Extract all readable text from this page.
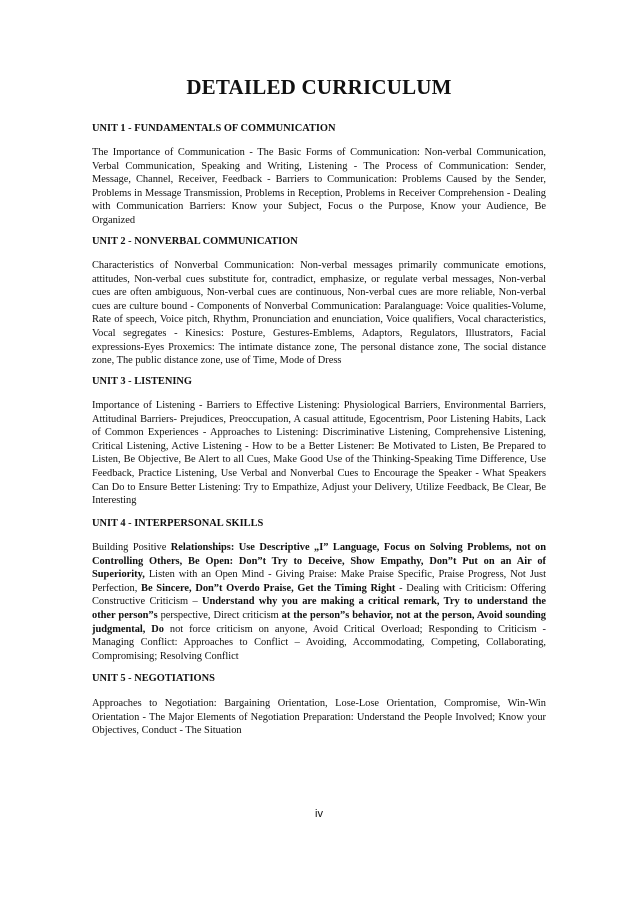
DETAILED CURRICULUM
UNIT 1 - FUNDAMENTALS OF COMMUNICATION

The Importance of Communication - The Basic Forms of Communication: Non-verbal Communication, Verbal Communication, Speaking and Writing, Listening - The Process of Communication: Sender, Message, Channel, Receiver, Feedback - Barriers to Communication: Problems Caused by the Sender, Problems in Message Transmission, Problems in Reception, Problems in Receiver Comprehension - Dealing with Communication Barriers: Know your Subject, Focus o the Purpose, Know your Audience, Be Organized

UNIT 2 - NONVERBAL COMMUNICATION

Characteristics of Nonverbal Communication: Non-verbal messages primarily communicate emotions, attitudes, Non-verbal cues substitute for, contradict, emphasize, or regulate verbal messages, Non-verbal cues are often ambiguous, Non-verbal cues are continuous, Non-verbal cues are more reliable, Non-verbal cues are culture bound - Components of Nonverbal Communication: Paralanguage: Voice qualities-Volume, Rate of speech, Voice pitch, Rhythm, Pronunciation and enunciation, Voice qualifiers, Vocal characteristics, Vocal segregates - Kinesics: Posture, Gestures-Emblems, Adaptors, Regulators, Illustrators, Facial expressions-Eyes Proxemics: The intimate distance zone, The personal distance zone, The social distance zone, The public distance zone, use of Time, Mode of Dress

UNIT 3 - LISTENING

Importance of Listening - Barriers to Effective Listening: Physiological Barriers, Environmental Barriers, Attitudinal Barriers- Prejudices, Preoccupation, A casual attitude, Egocentrism, Poor Listening Habits, Lack of Common Experiences - Approaches to Listening: Discriminative Listening, Comprehensive Listening, Critical Listening, Active Listening - How to be a Better Listener: Be Motivated to Listen, Be Prepared to Listen, Be Objective, Be Alert to all Cues, Make Good Use of the Thinking-Speaking Time Difference, Use Feedback, Practice Listening, Use Verbal and Nonverbal Cues to Encourage the Speaker - What Speakers Can Do to Ensure Better Listening: Try to Empathize, Adjust your Delivery, Utilize Feedback, Be Clear, Be Interesting

UNIT 4 - INTERPERSONAL SKILLS

Building Positive Relationships: Use Descriptive „I” Language, Focus on Solving Problems, not on Controlling Others, Be Open: Don”t Try to Deceive, Show Empathy, Don”t Put on an Air of Superiority, Listen with an Open Mind - Giving Praise: Make Praise Specific, Praise Progress, Not Just Perfection, Be Sincere, Don”t Overdo Praise, Get the Timing Right - Dealing with Criticism: Offering Constructive Criticism – Understand why you are making a critical remark, Try to understand the other person”s perspective, Direct criticism at the person”s behavior, not at the person, Avoid sounding judgmental, Do not force criticism on anyone, Avoid Critical Overload; Responding to Criticism - Managing Conflict: Approaches to Conflict – Avoiding, Accommodating, Competing, Collaborating, Compromising; Resolving Conflict

UNIT 5 - NEGOTIATIONS

Approaches to Negotiation: Bargaining Orientation, Lose-Lose Orientation, Compromise, Win-Win Orientation - The Major Elements of Negotiation Preparation: Understand the People Involved; Know your Objectives, Conduct - The Situation

iv
